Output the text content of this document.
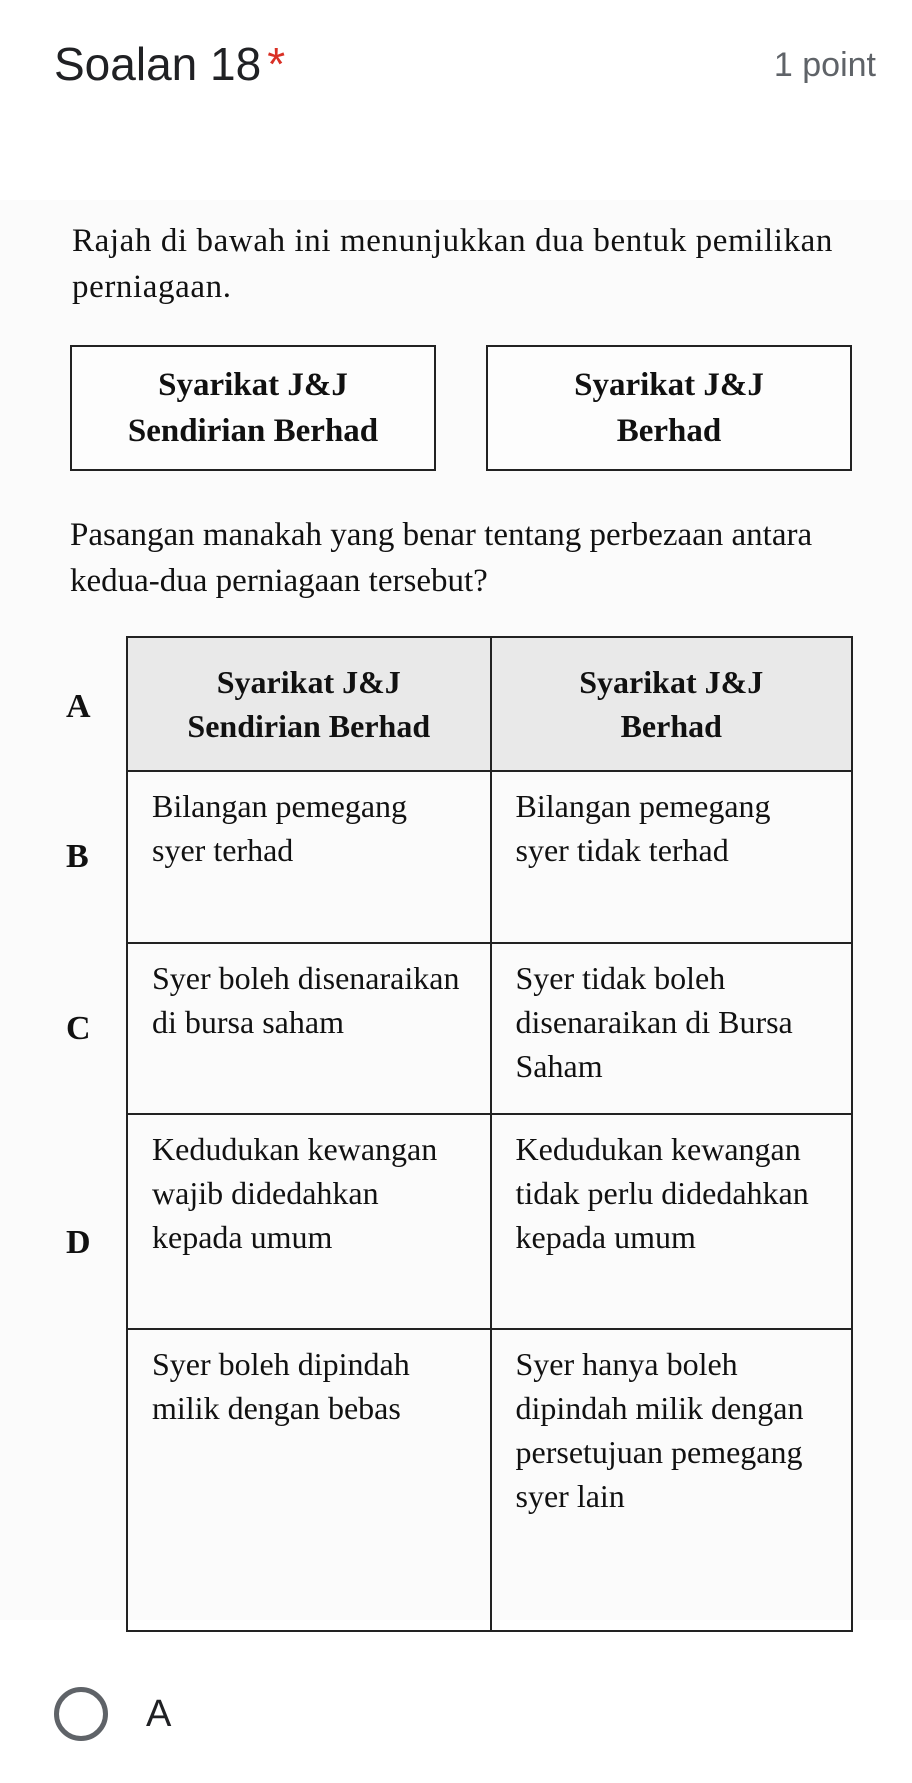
Soalan 18 *	1 point
Rajah di bawah ini menunjukkan dua bentuk pemilikan perniagaan.
Syarikat J&J
Sendirian Berhad
Syarikat J&J
Berhad
Pasangan manakah yang benar tentang perbezaan antara kedua-dua perniagaan tersebut?
A
B
C
D
Syarikat J&J
Sendirian Berhad
Syarikat J&J
Berhad
Bilangan pemegang syer terhad
Bilangan pemegang syer tidak terhad
Syer boleh disenaraikan di bursa saham
Syer tidak boleh disenaraikan di Bursa Saham
Kedudukan kewangan wajib didedahkan kepada umum
Kedudukan kewangan tidak perlu didedahkan kepada umum
Syer boleh dipindah milik dengan bebas
Syer hanya boleh dipindah milik dengan persetujuan pemegang syer lain
A
